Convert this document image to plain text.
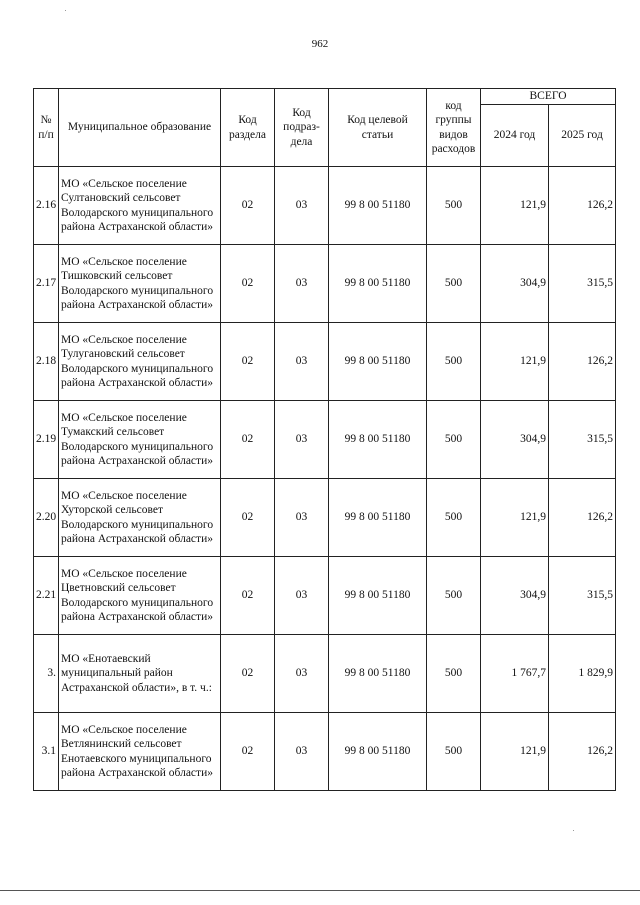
962
№ п/п	Муниципальное образование	Код раздела	Код подраз-дела	Код целевой статьи	код группы видов расходов	ВСЕГО	
						2024 год	2025 год
2.16	МО «Сельское поселение Султановский сельсовет Володарского муниципального района Астраханской области»	02	03	99 8 00 51180	500	121,9	126,2
2.17	МО «Сельское поселение Тишковский сельсовет Володарского муниципального района Астраханской области»	02	03	99 8 00 51180	500	304,9	315,5
2.18	МО «Сельское поселение Тулугановский сельсовет Володарского муниципального района Астраханской области»	02	03	99 8 00 51180	500	121,9	126,2
2.19	МО «Сельское поселение Тумакский сельсовет Володарского муниципального района Астраханской области»	02	03	99 8 00 51180	500	304,9	315,5
2.20	МО «Сельское поселение Хуторской сельсовет Володарского муниципального района Астраханской области»	02	03	99 8 00 51180	500	121,9	126,2
2.21	МО «Сельское поселение Цветновский сельсовет Володарского муниципального района Астраханской области»	02	03	99 8 00 51180	500	304,9	315,5
3.	МО «Енотаевский муниципальный район Астраханской области», в т. ч.:	02	03	99 8 00 51180	500	1 767,7	1 829,9
3.1	МО «Сельское поселение Ветлянинский сельсовет Енотаевского муниципального района Астраханской области»	02	03	99 8 00 51180	500	121,9	126,2
